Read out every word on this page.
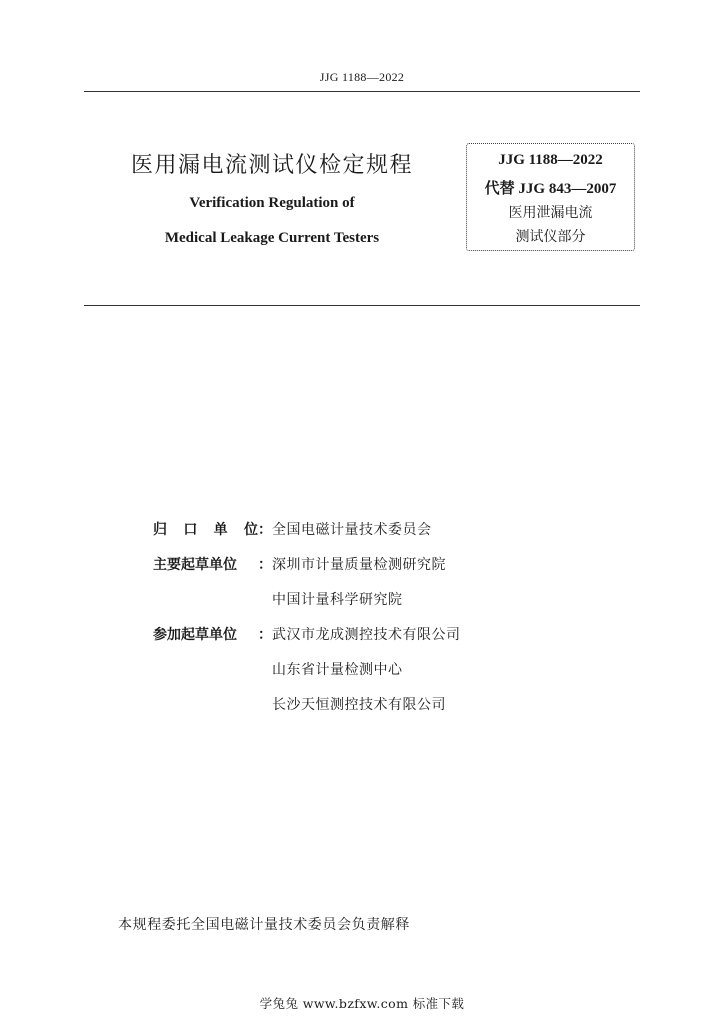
JJG 1188—2022
医用漏电流测试仪检定规程
Verification Regulation of
Medical Leakage Current Testers
JJG 1188—2022
代替 JJG 843—2007
医用泄漏电流
测试仪部分
归 口 单 位 ： 全国电磁计量技术委员会
主要起草单位	： 深圳市计量质量检测研究院
中国计量科学研究院
参加起草单位	： 武汉市龙成测控技术有限公司
山东省计量检测中心
长沙天恒测控技术有限公司
本规程委托全国电磁计量技术委员会负责解释
学兔兔 www.bzfxw.com 标准下载
